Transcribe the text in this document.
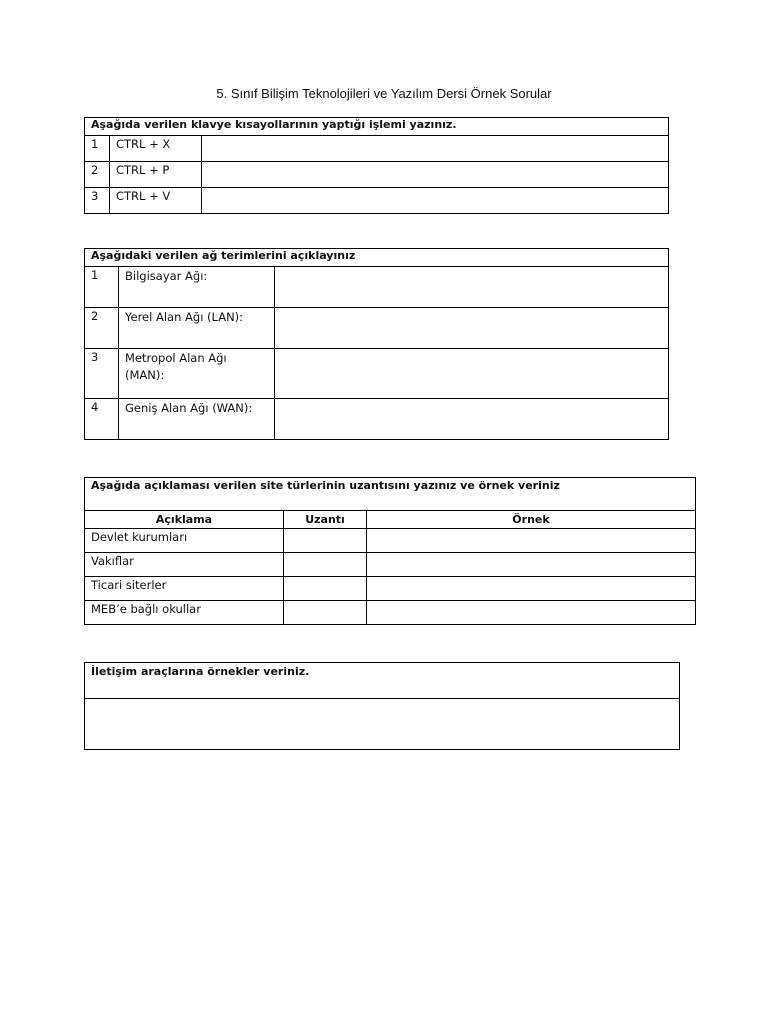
5. Sınıf Bilişim Teknolojileri ve Yazılım Dersi Örnek Sorular
Aşağıda verilen klavye kısayollarının yaptığı işlemi yazınız.		
1	CTRL + X	
2	CTRL + P	
3	CTRL + V	
Aşağıdaki verilen ağ terimlerini açıklayınız		
1	Bilgisayar Ağı:	
2	Yerel Alan Ağı (LAN):	
3	Metropol Alan Ağı (MAN):	
4	Geniş Alan Ağı (WAN):	
Aşağıda açıklaması verilen site türlerinin uzantısını yazınız ve örnek veriniz		
Açıklama	Uzantı	Örnek
Devlet kurumları		
Vakıflar		
Ticari siterler		
MEB’e bağlı okullar		
İletişim araçlarına örnekler veriniz.
